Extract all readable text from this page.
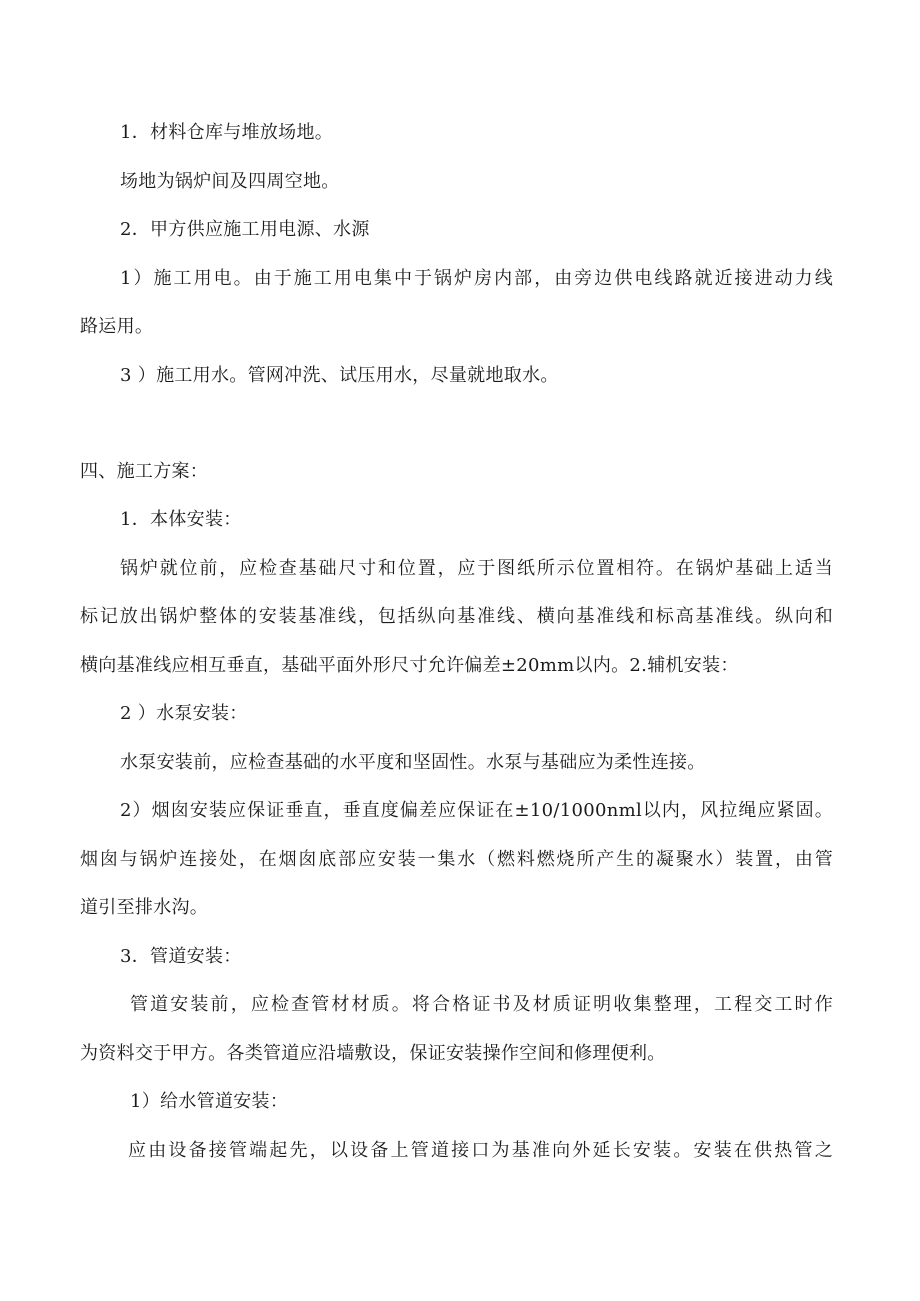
1．材料仓库与堆放场地。
场地为锅炉间及四周空地。
2．甲方供应施工用电源、水源
1）施工用电。由于施工用电集中于锅炉房内部，由旁边供电线路就近接进动力线
路运用。
3 ）施工用水。管网冲洗、试压用水，尽量就地取水。
四、施工方案：
1．本体安装：
锅炉就位前，应检查基础尺寸和位置，应于图纸所示位置相符。在锅炉基础上适当
标记放出锅炉整体的安装基准线，包括纵向基准线、横向基准线和标高基准线。纵向和
横向基准线应相互垂直，基础平面外形尺寸允许偏差±20mm以内。2.辅机安装：
2 ）水泵安装：
水泵安装前，应检查基础的水平度和坚固性。水泵与基础应为柔性连接。
2）烟囱安装应保证垂直，垂直度偏差应保证在±10/1000nml以内，风拉绳应紧固。
烟囱与锅炉连接处，在烟囱底部应安装一集水（燃料燃烧所产生的凝聚水）装置，由管
道引至排水沟。
3．管道安装：
管道安装前，应检查管材材质。将合格证书及材质证明收集整理，工程交工时作
为资料交于甲方。各类管道应沿墙敷设，保证安装操作空间和修理便利。
1）给水管道安装：
应由设备接管端起先，以设备上管道接口为基准向外延长安装。安装在供热管之
